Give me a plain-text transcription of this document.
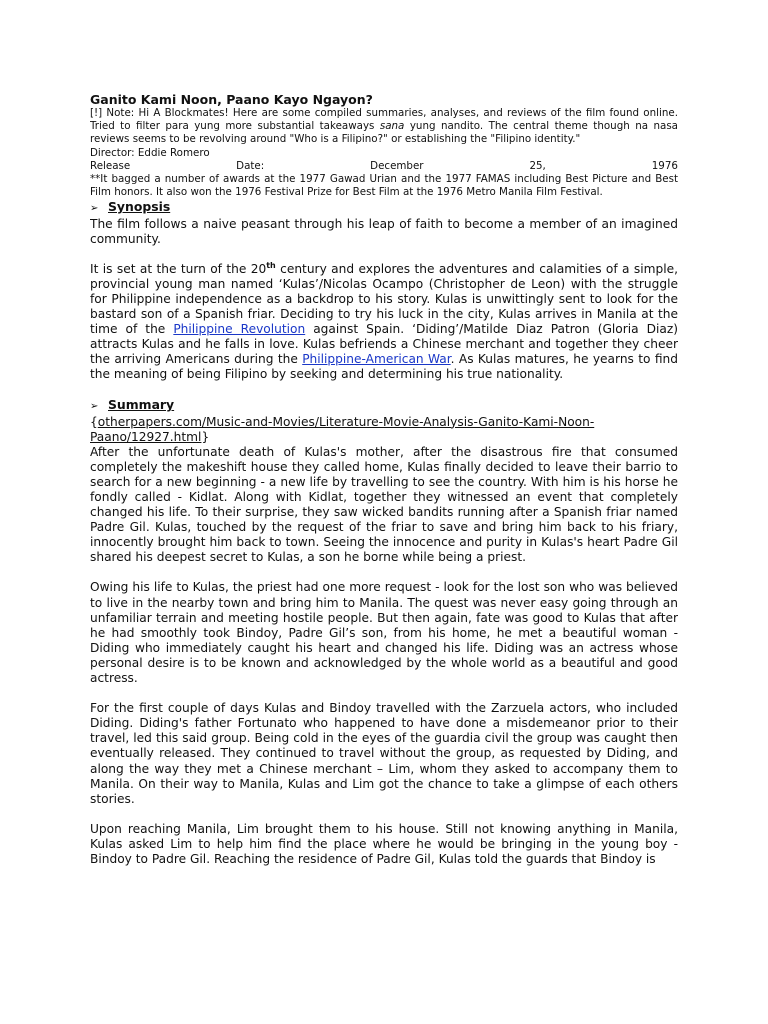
Ganito Kami Noon, Paano Kayo Ngayon?

[!] Note: Hi A Blockmates! Here are some compiled summaries, analyses, and reviews of the film found online. Tried to filter para yung more substantial takeaways sana yung nandito. The central theme though na nasa reviews seems to be revolving around "Who is a Filipino?" or establishing the "Filipino identity."

Director: Eddie Romero

Release	Date:	December	25,	1976

**It bagged a number of awards at the 1977 Gawad Urian and the 1977 FAMAS including Best Picture and Best Film honors. It also won the 1976 Festival Prize for Best Film at the 1976 Metro Manila Film Festival.

➢ Synopsis

The film follows a naive peasant through his leap of faith to become a member of an imagined community.

It is set at the turn of the 20th century and explores the adventures and calamities of a simple, provincial young man named ‘Kulas’/Nicolas Ocampo (Christopher de Leon) with the struggle for Philippine independence as a backdrop to his story. Kulas is unwittingly sent to look for the bastard son of a Spanish friar. Deciding to try his luck in the city, Kulas arrives in Manila at the time of the Philippine Revolution against Spain. ‘Diding’/Matilde Diaz Patron (Gloria Diaz) attracts Kulas and he falls in love. Kulas befriends a Chinese merchant and together they cheer the arriving Americans during the Philippine-American War. As Kulas matures, he yearns to find the meaning of being Filipino by seeking and determining his true nationality.

➢ Summary

{otherpapers.com/Music-and-Movies/Literature-Movie-Analysis-Ganito-Kami-Noon-Paano/12927.html}

After the unfortunate death of Kulas's mother, after the disastrous fire that consumed completely the makeshift house they called home, Kulas finally decided to leave their barrio to search for a new beginning - a new life by travelling to see the country. With him is his horse he fondly called - Kidlat. Along with Kidlat, together they witnessed an event that completely changed his life. To their surprise, they saw wicked bandits running after a Spanish friar named Padre Gil. Kulas, touched by the request of the friar to save and bring him back to his friary, innocently brought him back to town. Seeing the innocence and purity in Kulas's heart Padre Gil shared his deepest secret to Kulas, a son he borne while being a priest.

Owing his life to Kulas, the priest had one more request - look for the lost son who was believed to live in the nearby town and bring him to Manila. The quest was never easy going through an unfamiliar terrain and meeting hostile people. But then again, fate was good to Kulas that after he had smoothly took Bindoy, Padre Gil’s son, from his home, he met a beautiful woman - Diding who immediately caught his heart and changed his life. Diding was an actress whose personal desire is to be known and acknowledged by the whole world as a beautiful and good actress.

For the first couple of days Kulas and Bindoy travelled with the Zarzuela actors, who included Diding. Diding's father Fortunato who happened to have done a misdemeanor prior to their travel, led this said group. Being cold in the eyes of the guardia civil the group was caught then eventually released. They continued to travel without the group, as requested by Diding, and along the way they met a Chinese merchant – Lim, whom they asked to accompany them to Manila. On their way to Manila, Kulas and Lim got the chance to take a glimpse of each others stories.

Upon reaching Manila, Lim brought them to his house. Still not knowing anything in Manila, Kulas asked Lim to help him find the place where he would be bringing in the young boy - Bindoy to Padre Gil. Reaching the residence of Padre Gil, Kulas told the guards that Bindoy is
